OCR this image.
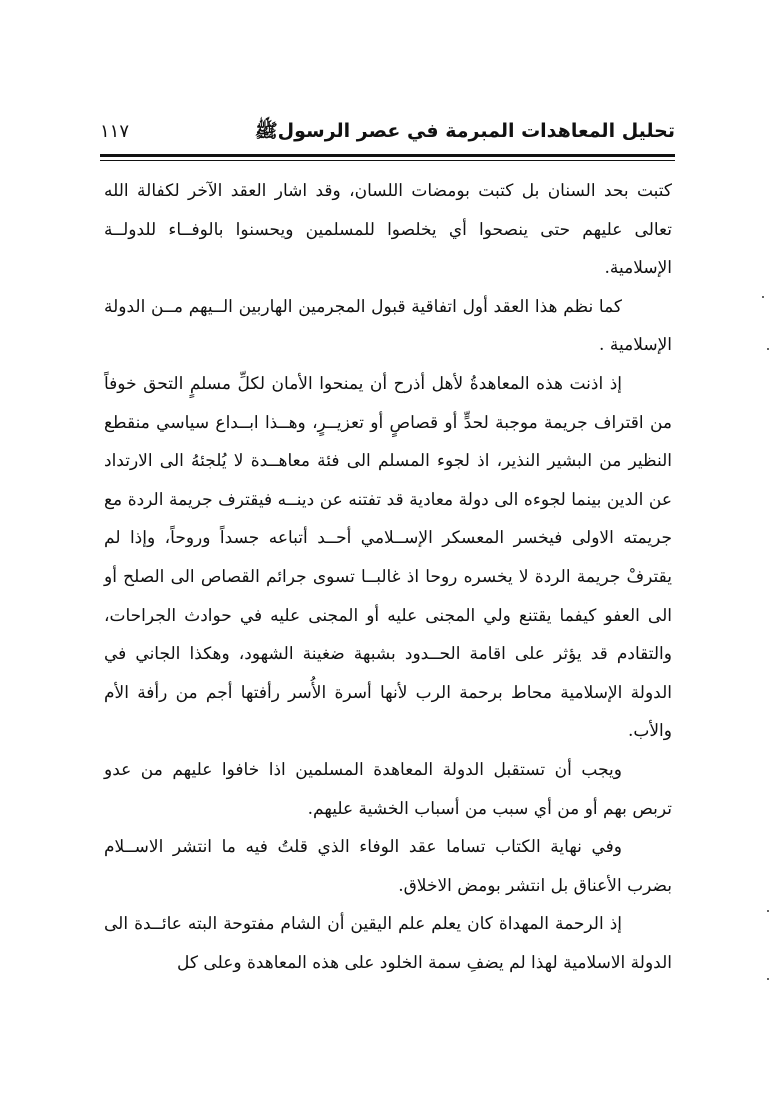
تحليل المعاهدات المبرمة في عصر الرسولﷺ
١١٧

كتبت بحد السنان بل كتبت بومضات اللسان، وقد اشار العقد الآخر لكفالة الله تعالى عليهم حتى ينصحوا أي يخلصوا للمسلمين ويحسنوا بالوفــاء للدولــة الإسلامية.

كما نظم هذا العقد أول اتفاقية قبول المجرمين الهاربين الــيهم مــن الدولة الإسلامية .

إذ اذنت هذه المعاهدةُ لأهل أذرح أن يمنحوا الأمان لكلِّ مسلمٍ التحق خوفاً من اقتراف جريمة موجبة لحدٍّ أو قصاصٍ أو تعزيــرٍ، وهــذا ابــداع سياسي منقطع النظير من البشير النذير، اذ لجوء المسلم الى فئة معاهــدة لا يُلجئهُ الى الارتداد عن الدين بينما لجوءه الى دولة معادية قد تفتنه عن دينــه فيقترف جريمة الردة مع جريمته الاولى فيخسر المعسكر الإســلامي أحــد أتباعه جسداً وروحاً، وإذا لم يقترفْ جريمة الردة لا يخسره روحا اذ غالبــا تسوى جرائم القصاص الى الصلح أو الى العفو كيفما يقتنع ولي المجنى عليه أو المجنى عليه في حوادث الجراحات، والتقادم قد يؤثر على اقامة الحــدود بشبهة ضغينة الشهود، وهكذا الجاني في الدولة الإسلامية محاط برحمة الرب لأنها أسرة الأُسر رأفتها أجم من رأفة الأم والأب.

ويجب أن تستقبل الدولة المعاهدة المسلمين اذا خافوا عليهم من عدو تربص بهم أو من أي سبب من أسباب الخشية عليهم.

وفي نهاية الكتاب تساما عقد الوفاء الذي قلتُ فيه ما انتشر الاســلام بضرب الأعناق بل انتشر بومض الاخلاق.

إذ الرحمة المهداة كان يعلم علم اليقين أن الشام مفتوحة البته عائــدة الى الدولة الاسلامية لهذا لم يضفِ سمة الخلود على هذه المعاهدة وعلى كل
